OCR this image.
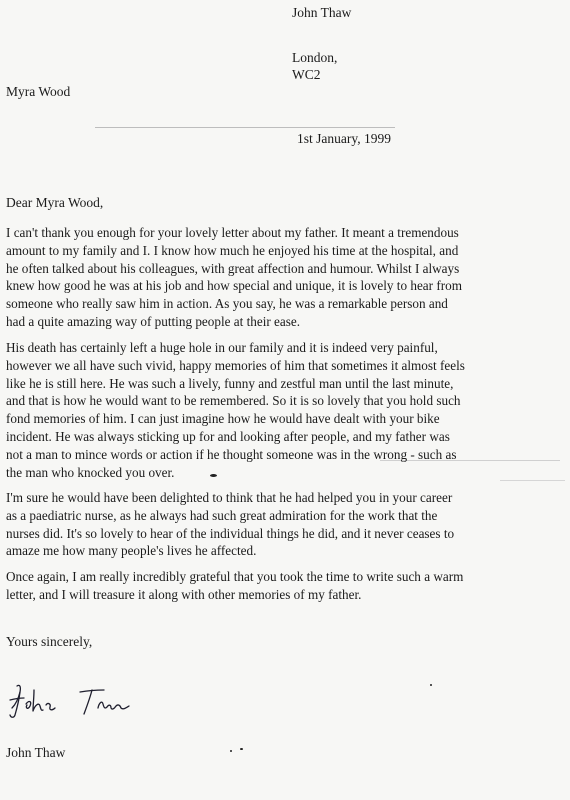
John Thaw
London,
WC2
Myra Wood
1st January, 1999
Dear Myra Wood,
I can't thank you enough for your lovely letter about my father. It meant a tremendous
amount to my family and I. I know how much he enjoyed his time at the hospital, and
he often talked about his colleagues, with great affection and humour. Whilst I always
knew how good he was at his job and how special and unique, it is lovely to hear from
someone who really saw him in action. As you say, he was a remarkable person and
had a quite amazing way of putting people at their ease.
His death has certainly left a huge hole in our family and it is indeed very painful,
however we all have such vivid, happy memories of him that sometimes it almost feels
like he is still here. He was such a lively, funny and zestful man until the last minute,
and that is how he would want to be remembered. So it is so lovely that you hold such
fond memories of him. I can just imagine how he would have dealt with your bike
incident. He was always sticking up for and looking after people, and my father was
not a man to mince words or action if he thought someone was in the wrong - such as
the man who knocked you over.
I'm sure he would have been delighted to think that he had helped you in your career
as a paediatric nurse, as he always had such great admiration for the work that the
nurses did. It's so lovely to hear of the individual things he did, and it never ceases to
amaze me how many people's lives he affected.
Once again, I am really incredibly grateful that you took the time to write such a warm
letter, and I will treasure it along with other memories of my father.
Yours sincerely,
John Thaw
